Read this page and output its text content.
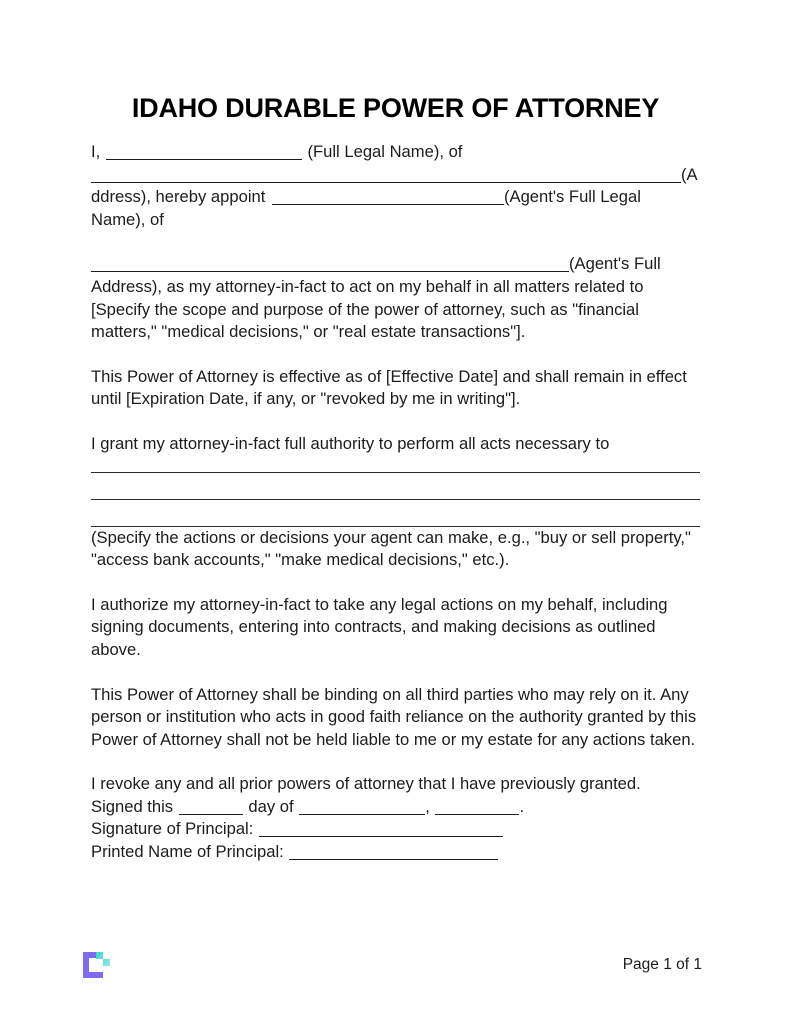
IDAHO DURABLE POWER OF ATTORNEY

I,	(Full Legal Name), of
(A
ddress), hereby appoint	(Agent's Full Legal
Name), of

(Agent's Full
Address), as my attorney-in-fact to act on my behalf in all matters related to [Specify the scope and purpose of the power of attorney, such as "financial matters," "medical decisions," or "real estate transactions"].

This Power of Attorney is effective as of [Effective Date] and shall remain in effect until [Expiration Date, if any, or "revoked by me in writing"].

I grant my attorney-in-fact full authority to perform all acts necessary to

(Specify the actions or decisions your agent can make, e.g., "buy or sell property," "access bank accounts," "make medical decisions," etc.).

I authorize my attorney-in-fact to take any legal actions on my behalf, including signing documents, entering into contracts, and making decisions as outlined above.

This Power of Attorney shall be binding on all third parties who may rely on it. Any person or institution who acts in good faith reliance on the authority granted by this Power of Attorney shall not be held liable to me or my estate for any actions taken.

I revoke any and all prior powers of attorney that I have previously granted.

Signed this	day of	,	.

Signature of Principal:

Printed Name of Principal:

Page 1 of 1
